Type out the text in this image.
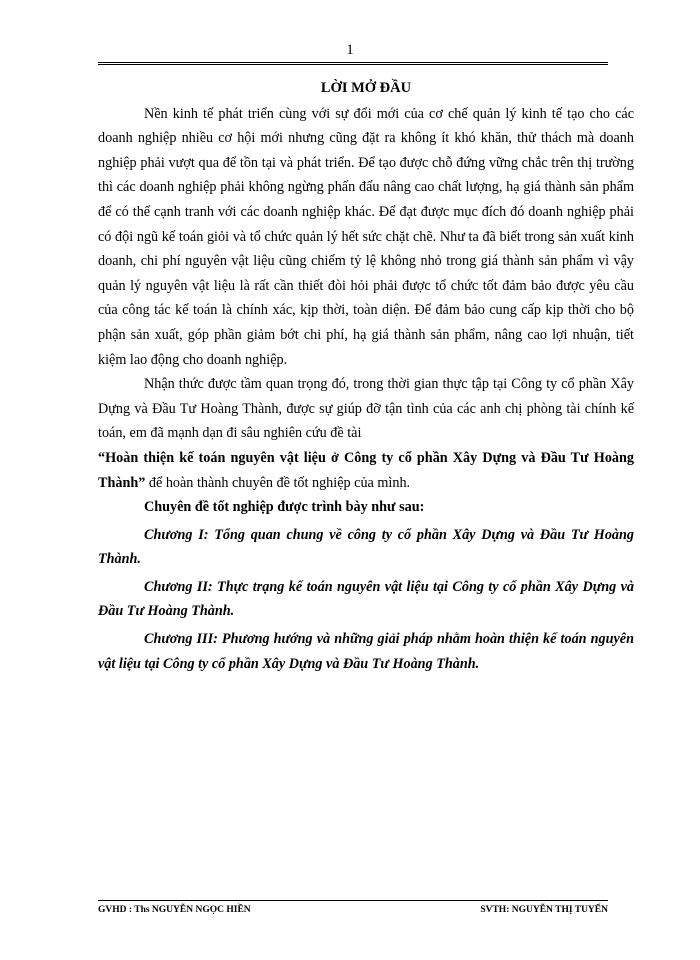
1

LỜI MỞ ĐẦU

Nền kinh tế phát triển cùng với sự đổi mới của cơ chế quản lý kinh tế tạo cho các doanh nghiệp nhiều cơ hội mới nhưng cũng đặt ra không ít khó khăn, thử thách mà doanh nghiệp phải vượt qua để tồn tại và phát triển. Để tạo được chỗ đứng vững chắc trên thị trường thì các doanh nghiệp phải không ngừng phấn đấu nâng cao chất lượng, hạ giá thành sản phẩm để có thể cạnh tranh với các doanh nghiệp khác. Để đạt được mục đích đó doanh nghiệp phải có đội ngũ kế toán giỏi và tổ chức quản lý hết sức chặt chẽ. Như ta đã biết trong sản xuất kinh doanh, chi phí nguyên vật liệu cũng chiếm tỷ lệ không nhỏ trong giá thành sản phẩm vì vậy quản lý nguyên vật liệu là rất cần thiết đòi hỏi phải được tổ chức tốt đảm bảo được yêu cầu của công tác kế toán là chính xác, kịp thời, toàn diện. Để đảm bảo cung cấp kịp thời cho bộ phận sản xuất, góp phần giảm bớt chi phí, hạ giá thành sản phẩm, nâng cao lợi nhuận, tiết kiệm lao động cho doanh nghiệp.

Nhận thức được tầm quan trọng đó, trong thời gian thực tập tại Công ty cổ phần Xây Dựng và Đầu Tư Hoàng Thành, được sự giúp đỡ tận tình của các anh chị phòng tài chính kế toán, em đã mạnh dạn đi sâu nghiên cứu đề tài

“Hoàn thiện kế toán nguyên vật liệu ở Công ty cổ phần Xây Dựng và Đầu Tư Hoàng Thành” để hoàn thành chuyên đề tốt nghiệp của mình.

Chuyên đề tốt nghiệp được trình bày như sau:

Chương I: Tổng quan chung về công ty cổ phần Xây Dựng và Đầu Tư Hoàng Thành.

Chương II: Thực trạng kế toán nguyên vật liệu tại Công ty cổ phần Xây Dựng và Đầu Tư Hoàng Thành.

Chương III: Phương hướng và những giải pháp nhằm hoàn thiện kế toán nguyên vật liệu tại Công ty cổ phần Xây Dựng và Đầu Tư Hoàng Thành.

GVHD : Ths NGUYỄN NGỌC HIỀN	SVTH: NGUYỄN THỊ TUYẾN
